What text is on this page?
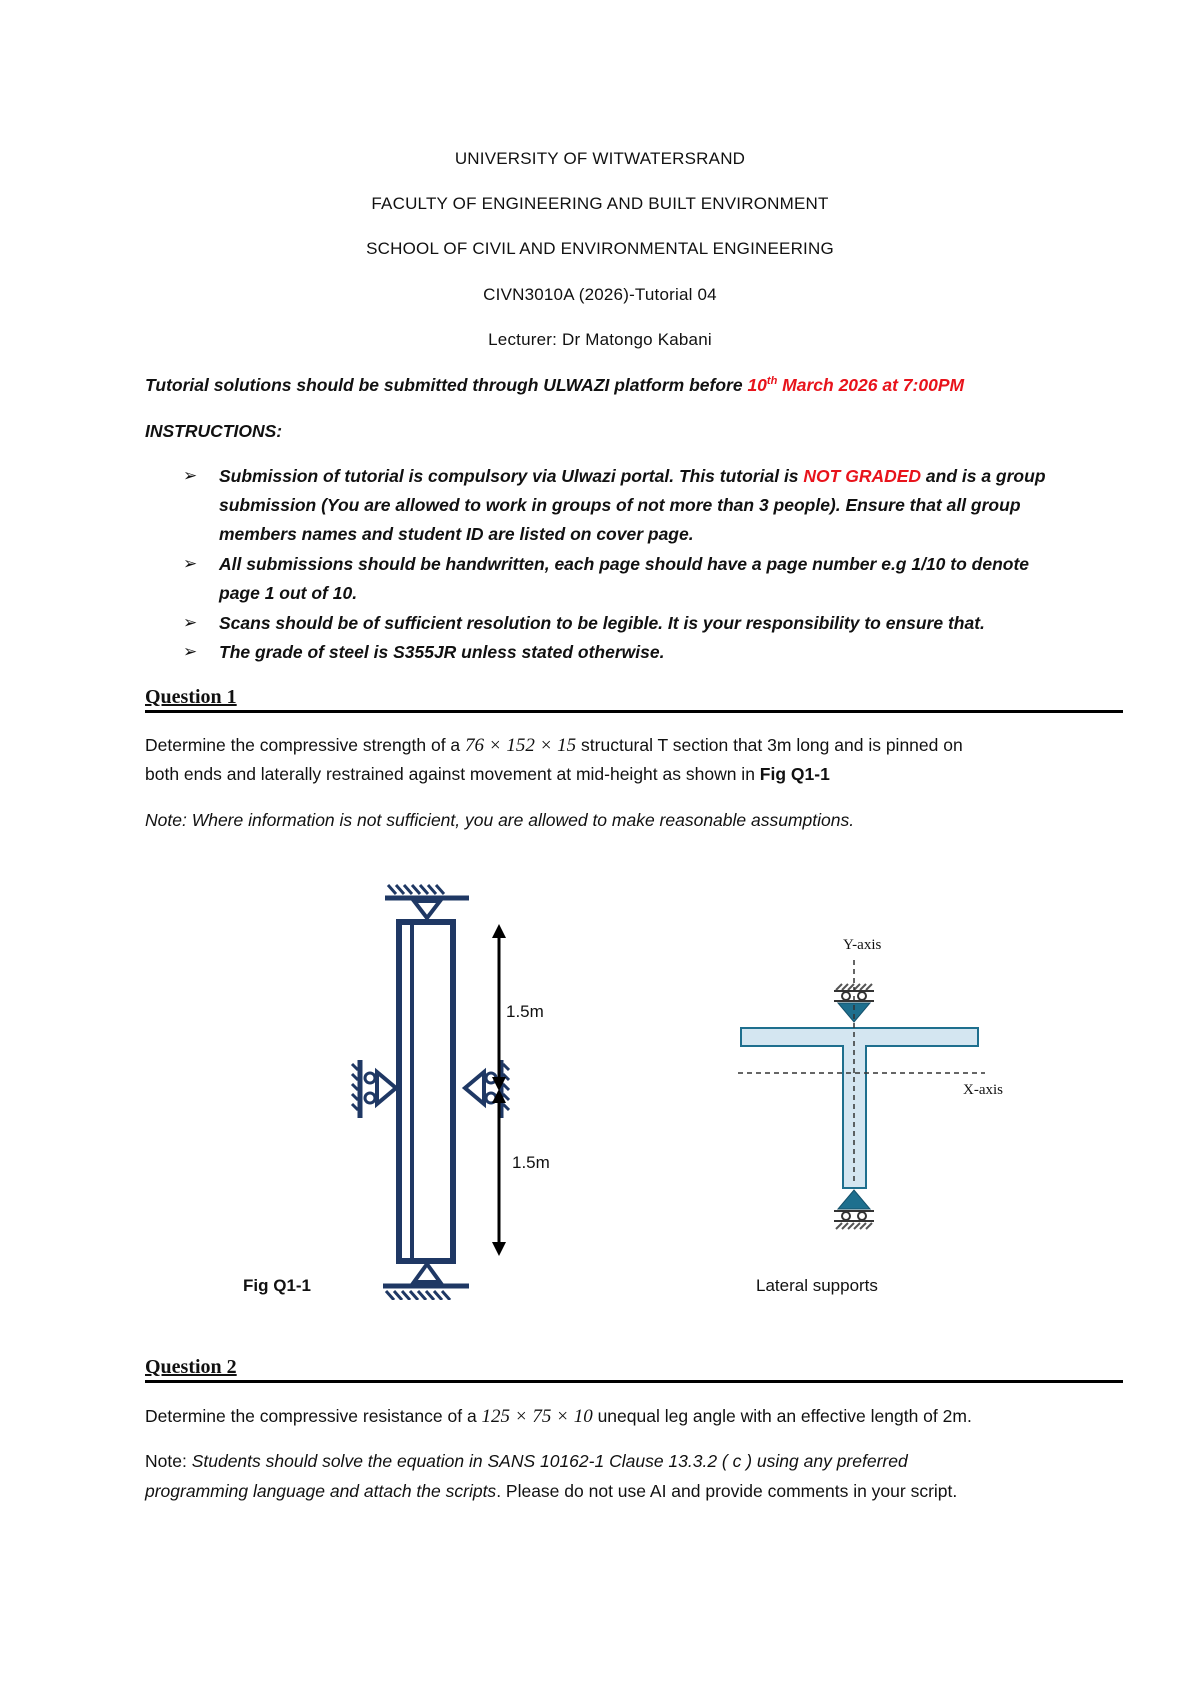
UNIVERSITY OF WITWATERSRAND
FACULTY OF ENGINEERING AND BUILT ENVIRONMENT
SCHOOL OF CIVIL AND ENVIRONMENTAL ENGINEERING
CIVN3010A (2026)-Tutorial 04
Lecturer: Dr Matongo Kabani
Tutorial solutions should be submitted through ULWAZI platform before 10th March 2026 at 7:00PM
INSTRUCTIONS:
➢ Submission of tutorial is compulsory via Ulwazi portal. This tutorial is NOT GRADED and is a group
submission (You are allowed to work in groups of not more than 3 people). Ensure that all group
members names and student ID are listed on cover page.
➢ All submissions should be handwritten, each page should have a page number e.g 1/10 to denote
page 1 out of 10.
➢ Scans should be of sufficient resolution to be legible. It is your responsibility to ensure that.
➢ The grade of steel is S355JR unless stated otherwise.
Question 1
Determine the compressive strength of a 76 × 152 × 15 structural T section that 3m long and is pinned on
both ends and laterally restrained against movement at mid-height as shown in Fig Q1-1
Note: Where information is not sufficient, you are allowed to make reasonable assumptions.
1.5m
1.5m
Fig Q1-1
Y-axis
X-axis
Lateral supports
Question 2
Determine the compressive resistance of a 125 × 75 × 10 unequal leg angle with an effective length of 2m.
Note: Students should solve the equation in SANS 10162-1 Clause 13.3.2 ( c ) using any preferred
programming language and attach the scripts. Please do not use AI and provide comments in your script.
